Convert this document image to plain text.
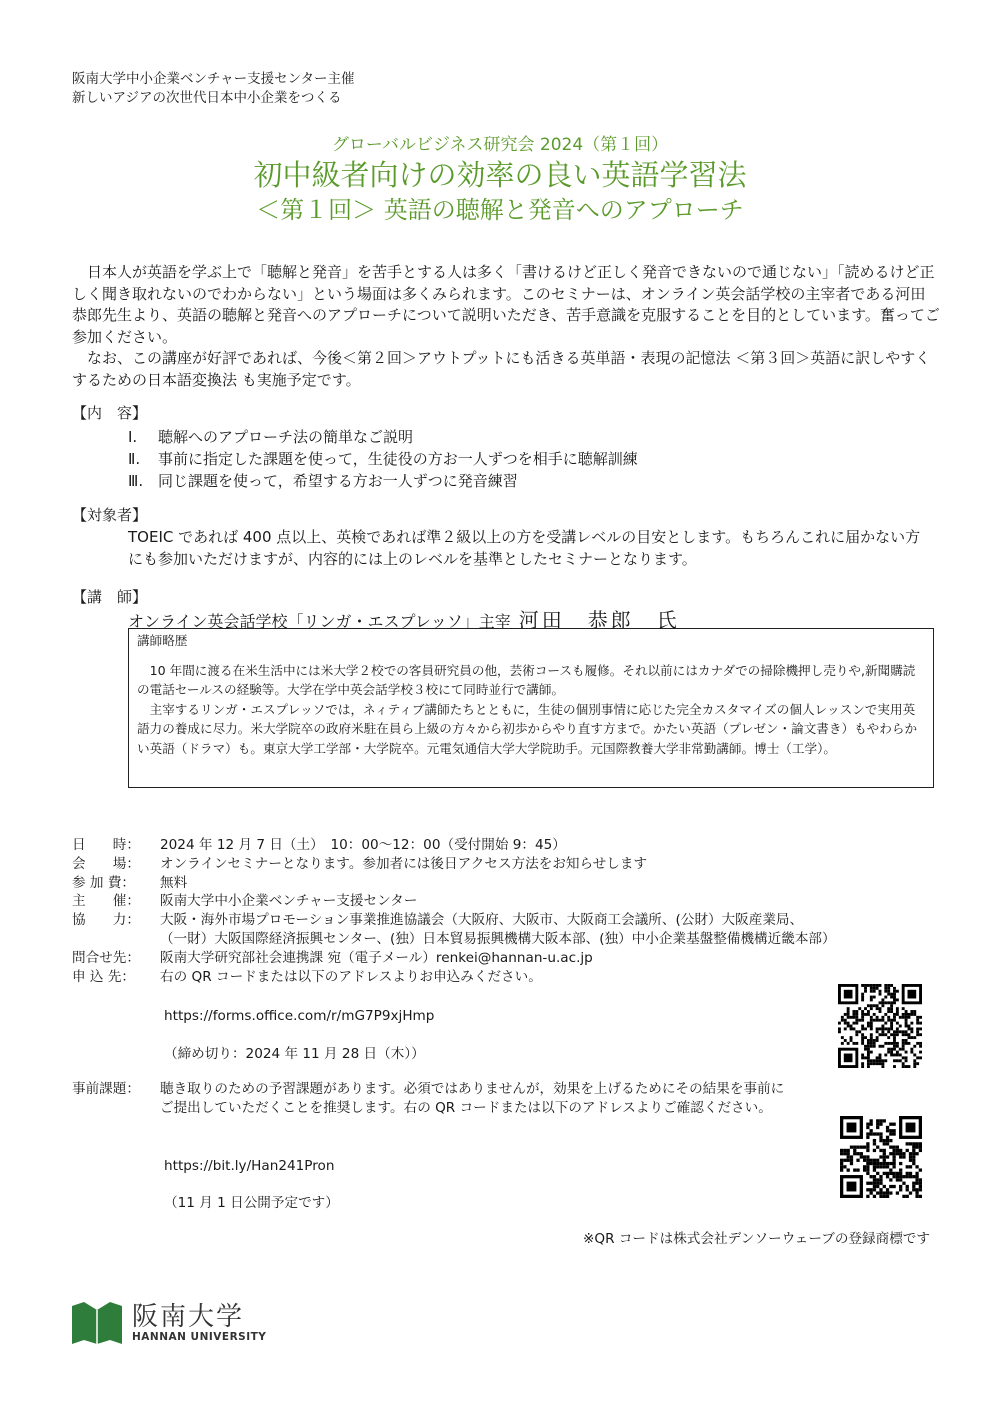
阪南大学中小企業ベンチャー支援センター主催
新しいアジアの次世代日本中小企業をつくる
グローバルビジネス研究会 2024（第１回）
初中級者向けの効率の良い英語学習法
＜第１回＞ 英語の聴解と発音へのアプローチ

日本人が英語を学ぶ上で「聴解と発音」を苦手とする人は多く「書けるけど正しく発音できないので通じない」「読めるけど正しく聞き取れないのでわからない」という場面は多くみられます。このセミナーは、オンライン英会話学校の主宰者である河田恭郎先生より、英語の聴解と発音へのアプローチについて説明いただき、苦手意識を克服することを目的としています。奮ってご参加ください。

なお、この講座が好評であれば、今後＜第２回＞アウトプットにも活きる英単語・表現の記憶法 ＜第３回＞英語に訳しやすくするための日本語変換法 も実施予定です。

【内　容】
Ⅰ.	聴解へのアプローチ法の簡単なご説明
Ⅱ.	事前に指定した課題を使って，生徒役の方お一人ずつを相手に聴解訓練
Ⅲ. 同じ課題を使って，希望する方お一人ずつに発音練習
【対象者】
TOEIC であれば 400 点以上、英検であれば準２級以上の方を受講レベルの目安とします。もちろんこれに届かない方にも参加いただけますが、内容的には上のレベルを基準としたセミナーとなります。
【講　師】
オンライン英会話学校「リンガ・エスプレッソ」主宰 河田　恭郎　氏
講師略歴

10 年間に渡る在米生活中には米大学２校での客員研究員の他，芸術コースも履修。それ以前にはカナダでの掃除機押し売りや,新聞購読の電話セールスの経験等。大学在学中英会話学校３校にて同時並行で講師。

主宰するリンガ・エスプレッソでは，ネィティブ講師たちとともに，生徒の個別事情に応じた完全カスタマイズの個人レッスンで実用英語力の養成に尽力。米大学院卒の政府米駐在員ら上級の方々から初歩からやり直す方まで。かたい英語（プレゼン・論文書き）もやわらかい英語（ドラマ）も。東京大学工学部・大学院卒。元電気通信大学大学院助手。元国際教養大学非常勤講師。博士（工学）。

日　　時：	2024 年 12 月 7 日（土）　10：00〜12：00（受付開始 9：45）
会　　場：	オンラインセミナーとなります。参加者には後日アクセス方法をお知らせします
参 加 費：	無料
主　　催：	阪南大学中小企業ベンチャー支援センター
協　　力：	大阪・海外市場プロモーション事業推進協議会（大阪府、大阪市、大阪商工会議所、(公財）大阪産業局、
（一財）大阪国際経済振興センター、(独）日本貿易振興機構大阪本部、(独）中小企業基盤整備機構近畿本部）
問合せ先：	阪南大学研究部社会連携課 宛（電子メール）renkei@hannan-u.ac.jp
申 込 先：	右の QR コードまたは以下のアドレスよりお申込みください。
https://forms.office.com/r/mG7P9xjHmp
（締め切り：2024 年 11 月 28 日（木））
事前課題：	聴き取りのための予習課題があります。必須ではありませんが，効果を上げるためにその結果を事前にご提出していただくことを推奨します。右の QR コードまたは以下のアドレスよりご確認ください。
https://bit.ly/Han241Pron
（11 月 1 日公開予定です）
※QR コードは株式会社デンソーウェーブの登録商標です
阪南大学
HANNAN UNIVERSITY
